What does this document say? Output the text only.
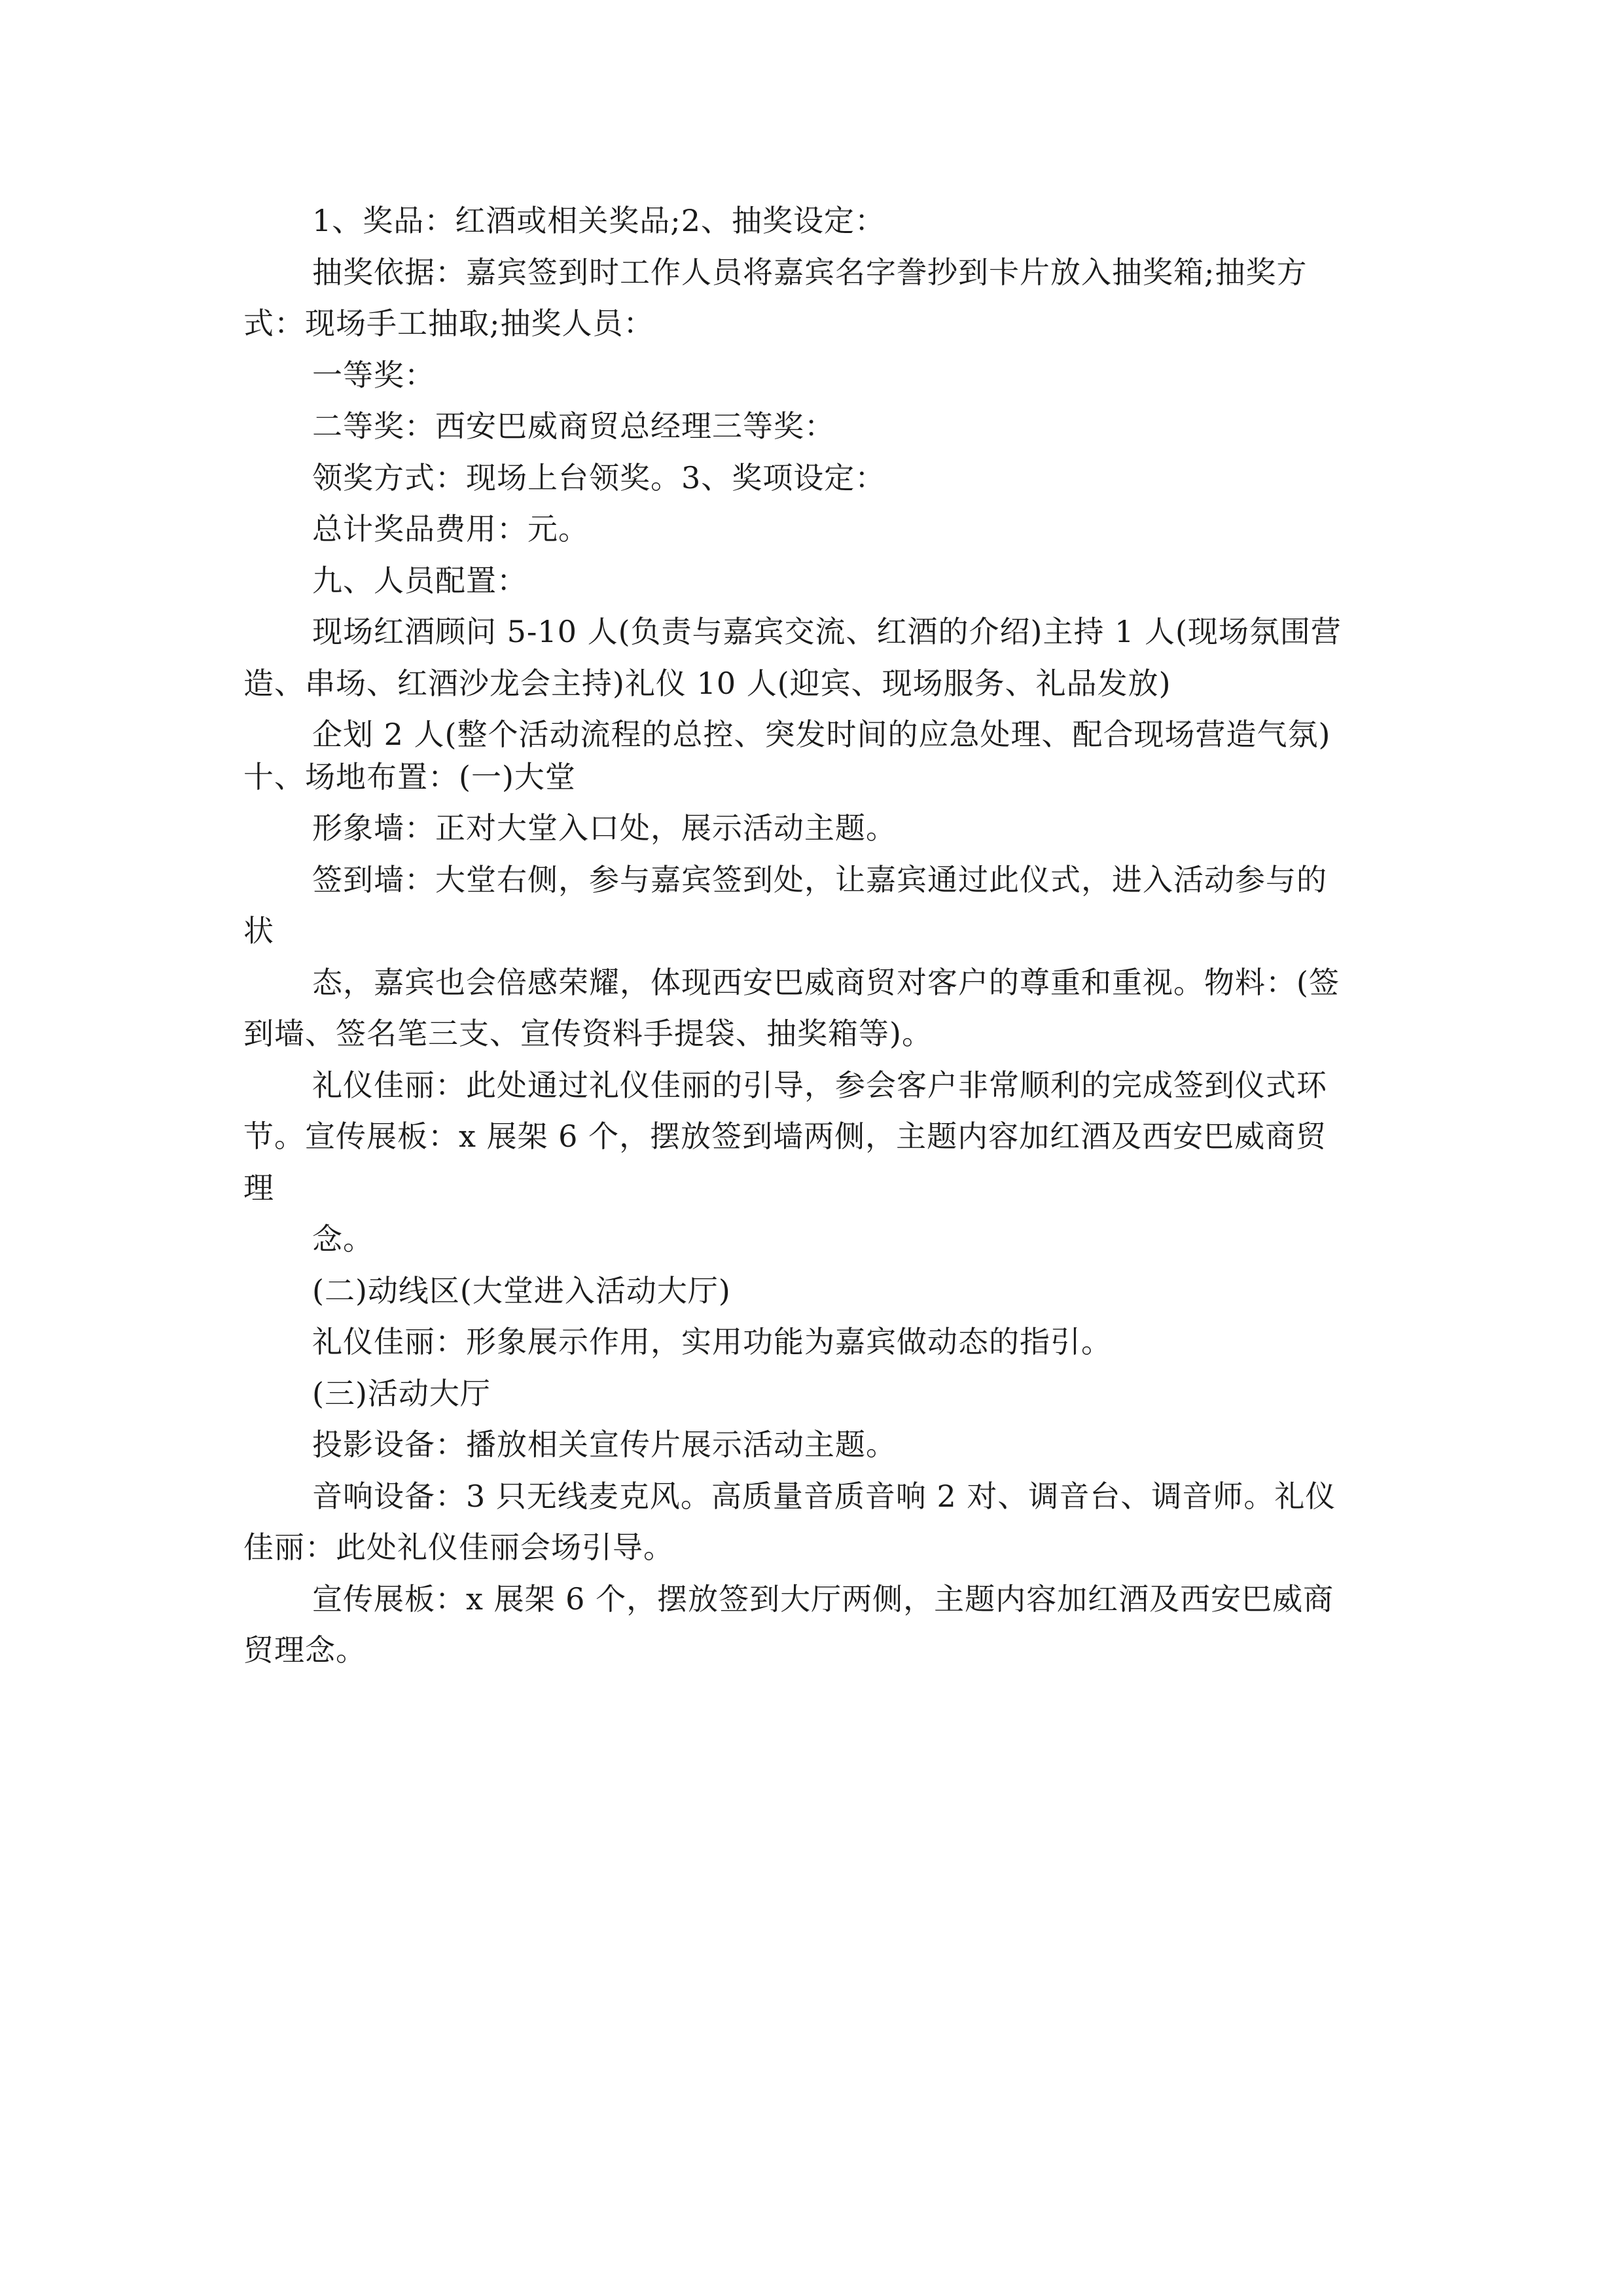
1、奖品：红酒或相关奖品;2、抽奖设定：

抽奖依据：嘉宾签到时工作人员将嘉宾名字誊抄到卡片放入抽奖箱;抽奖方

式：现场手工抽取;抽奖人员：

一等奖：

二等奖：西安巴威商贸总经理三等奖：

领奖方式：现场上台领奖。3、奖项设定：

总计奖品费用：元。

九、人员配置：

现场红酒顾问 5-10 人(负责与嘉宾交流、红酒的介绍)主持 1 人(现场氛围营

造、串场、红酒沙龙会主持)礼仪 10 人(迎宾、现场服务、礼品发放)

企划 2 人(整个活动流程的总控、突发时间的应急处理、配合现场营造气氛)

十、场地布置：(一)大堂

形象墙：正对大堂入口处，展示活动主题。

签到墙：大堂右侧，参与嘉宾签到处，让嘉宾通过此仪式，进入活动参与的

状

态，嘉宾也会倍感荣耀，体现西安巴威商贸对客户的尊重和重视。物料：(签

到墙、签名笔三支、宣传资料手提袋、抽奖箱等)。

礼仪佳丽：此处通过礼仪佳丽的引导，参会客户非常顺利的完成签到仪式环

节。宣传展板：x 展架 6 个，摆放签到墙两侧，主题内容加红酒及西安巴威商贸

理

念。

(二)动线区(大堂进入活动大厅)

礼仪佳丽：形象展示作用，实用功能为嘉宾做动态的指引。

(三)活动大厅

投影设备：播放相关宣传片展示活动主题。

音响设备：3 只无线麦克风。高质量音质音响 2 对、调音台、调音师。礼仪

佳丽：此处礼仪佳丽会场引导。

宣传展板：x 展架 6 个，摆放签到大厅两侧，主题内容加红酒及西安巴威商

贸理念。
